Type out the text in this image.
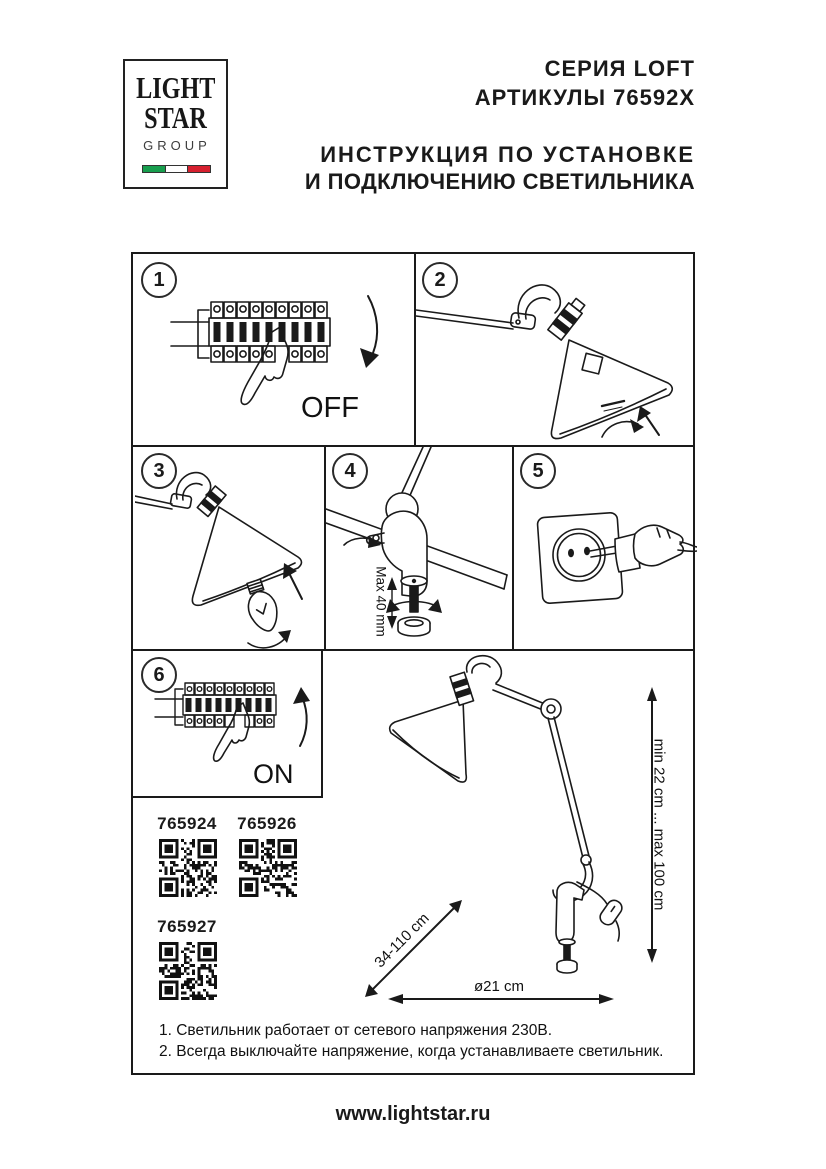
LIGHT
STAR
GROUP
СЕРИЯ LOFT
АРТИКУЛЫ 76592X
ИНСТРУКЦИЯ ПО УСТАНОВКЕ
И ПОДКЛЮЧЕНИЮ СВЕТИЛЬНИКА
1	2
3	4	5
6
OFF
ON
Max 40 mm
min 22 cm ... max 100 cm
34-110 cm
ø21 cm
765924 765926
765927
1. Светильник работает от сетевого напряжения 230В.
2. Всегда выключайте напряжение, когда устанавливаете светильник.
www.lightstar.ru
